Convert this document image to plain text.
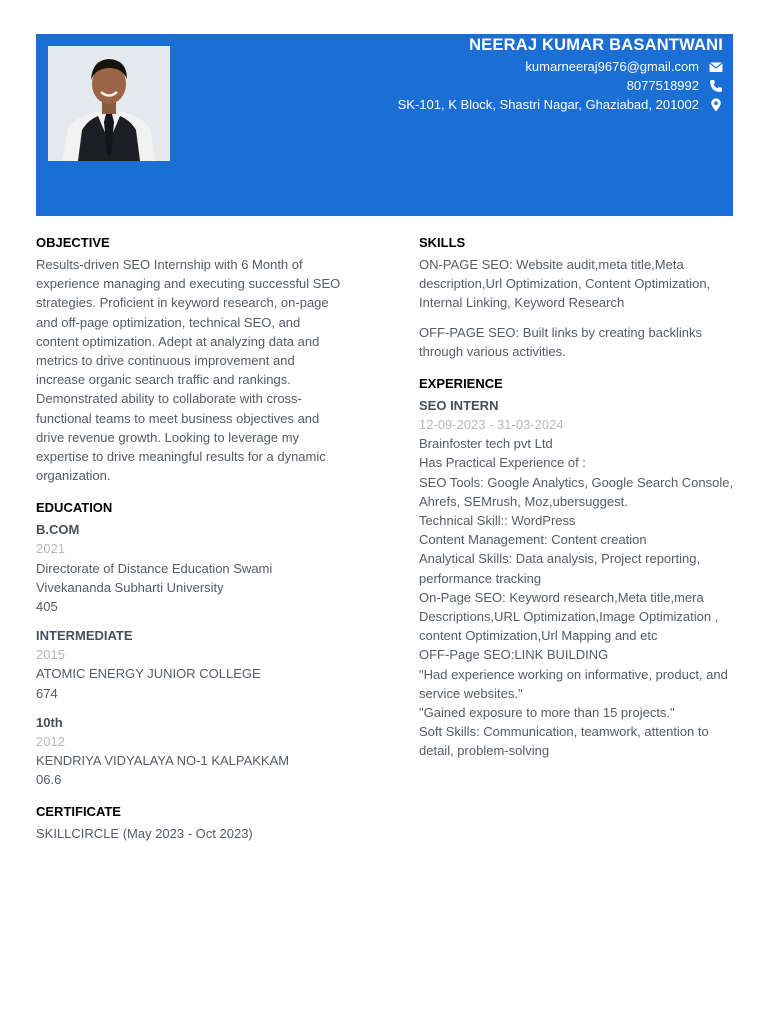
NEERAJ KUMAR BASANTWANI
kumarneeraj9676@gmail.com
8077518992
SK-101, K Block, Shastri Nagar, Ghaziabad, 201002
OBJECTIVE

Results-driven SEO Internship with 6 Month of experience managing and executing successful SEO strategies. Proficient in keyword research, on-page and off-page optimization, technical SEO, and content optimization. Adept at analyzing data and metrics to drive continuous improvement and increase organic search traffic and rankings. Demonstrated ability to collaborate with cross-functional teams to meet business objectives and drive revenue growth. Looking to leverage my expertise to drive meaningful results for a dynamic organization.

EDUCATION

B.COM

2021

Directorate of Distance Education Swami Vivekananda Subharti University

405

INTERMEDIATE

2015

ATOMIC ENERGY JUNIOR COLLEGE

674

10th

2012

KENDRIYA VIDYALAYA NO-1 KALPAKKAM

06.6

CERTIFICATE

SKILLCIRCLE (May 2023 - Oct 2023)

SKILLS

ON-PAGE SEO: Website audit,meta title,Meta description,Url Optimization, Content Optimization, Internal Linking, Keyword Research

OFF-PAGE SEO: Built links by creating backlinks through various activities.

EXPERIENCE

SEO INTERN

12-09-2023 - 31-03-2024

Brainfoster tech pvt Ltd

Has Practical Experience of :

SEO Tools: Google Analytics, Google Search Console, Ahrefs, SEMrush, Moz,ubersuggest.

Technical Skill:: WordPress

Content Management: Content creation

Analytical Skills: Data analysis, Project reporting, performance tracking

On-Page SEO: Keyword research,Meta title,mera Descriptions,URL Optimization,Image Optimization , content Optimization,Url Mapping and etc

OFF-Page SEO:LINK BUILDING

"Had experience working on informative, product, and service websites."

"Gained exposure to more than 15 projects."

Soft Skills: Communication, teamwork, attention to detail, problem-solving
